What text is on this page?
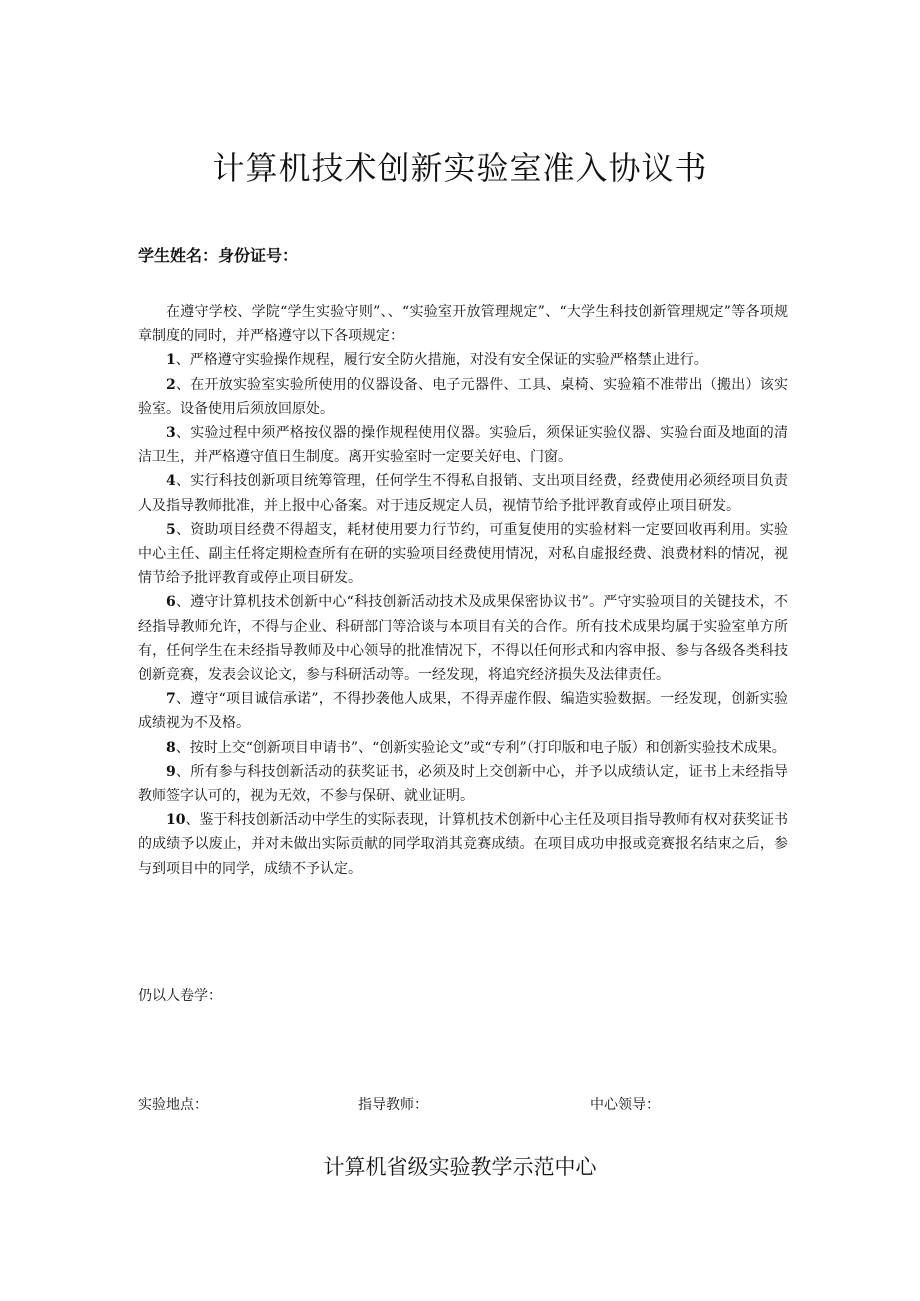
计算机技术创新实验室准入协议书
学生姓名：身份证号：

在遵守学校、学院“学生实验守则”、、“实验室开放管理规定”、“大学生科技创新管理规定”等各项规章制度的同时，并严格遵守以下各项规定：

1、严格遵守实验操作规程，履行安全防火措施，对没有安全保证的实验严格禁止进行。

2、在开放实验室实验所使用的仪器设备、电子元器件、工具、桌椅、实验箱不准带出（搬出）该实验室。设备使用后须放回原处。

3、实验过程中须严格按仪器的操作规程使用仪器。实验后，须保证实验仪器、实验台面及地面的清洁卫生，并严格遵守值日生制度。离开实验室时一定要关好电、门窗。

4、实行科技创新项目统筹管理，任何学生不得私自报销、支出项目经费，经费使用必须经项目负责人及指导教师批准，并上报中心备案。对于违反规定人员，视情节给予批评教育或停止项目研发。

5、资助项目经费不得超支，耗材使用要力行节约，可重复使用的实验材料一定要回收再利用。实验中心主任、副主任将定期检查所有在研的实验项目经费使用情况，对私自虚报经费、浪费材料的情况，视情节给予批评教育或停止项目研发。

6、遵守计算机技术创新中心“科技创新活动技术及成果保密协议书”。严守实验项目的关键技术，不经指导教师允许，不得与企业、科研部门等洽谈与本项目有关的合作。所有技术成果均属于实验室单方所有，任何学生在未经指导教师及中心领导的批准情况下，不得以任何形式和内容申报、参与各级各类科技创新竞赛，发表会议论文，参与科研活动等。一经发现，将追究经济损失及法律责任。

7、遵守“项目诚信承诺”，不得抄袭他人成果，不得弄虚作假、编造实验数据。一经发现，创新实验成绩视为不及格。

8、按时上交“创新项目申请书”、“创新实验论文”或“专利”（打印版和电子版）和创新实验技术成果。

9、所有参与科技创新活动的获奖证书，必须及时上交创新中心，并予以成绩认定，证书上未经指导教师签字认可的，视为无效，不参与保研、就业证明。

10、鉴于科技创新活动中学生的实际表现，计算机技术创新中心主任及项目指导教师有权对获奖证书的成绩予以废止，并对未做出实际贡献的同学取消其竞赛成绩。在项目成功申报或竞赛报名结束之后，参与到项目中的同学，成绩不予认定。

仍以人卷学：
实验地点：	指导教师：	中心领导：
计算机省级实验教学示范中心
